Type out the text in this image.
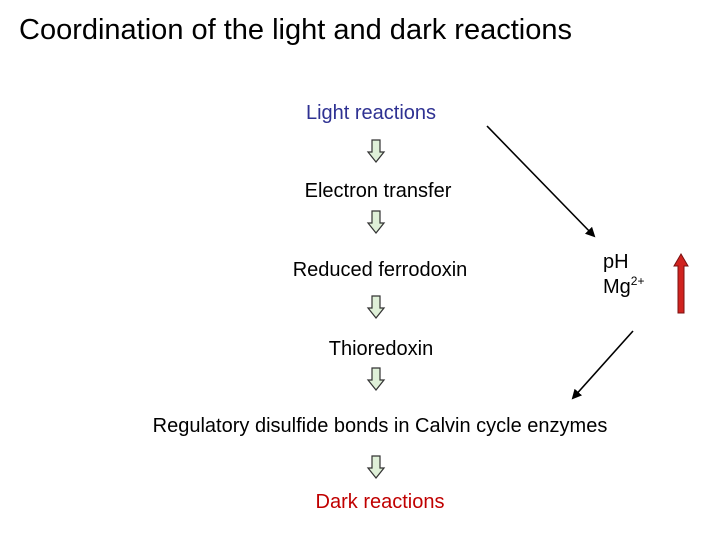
Coordination of the light and dark reactions
Light reactions
Electron transfer
Reduced ferrodoxin
Thioredoxin
Regulatory disulfide bonds in Calvin cycle enzymes
Dark reactions
pH
$Mg^{2+}$
